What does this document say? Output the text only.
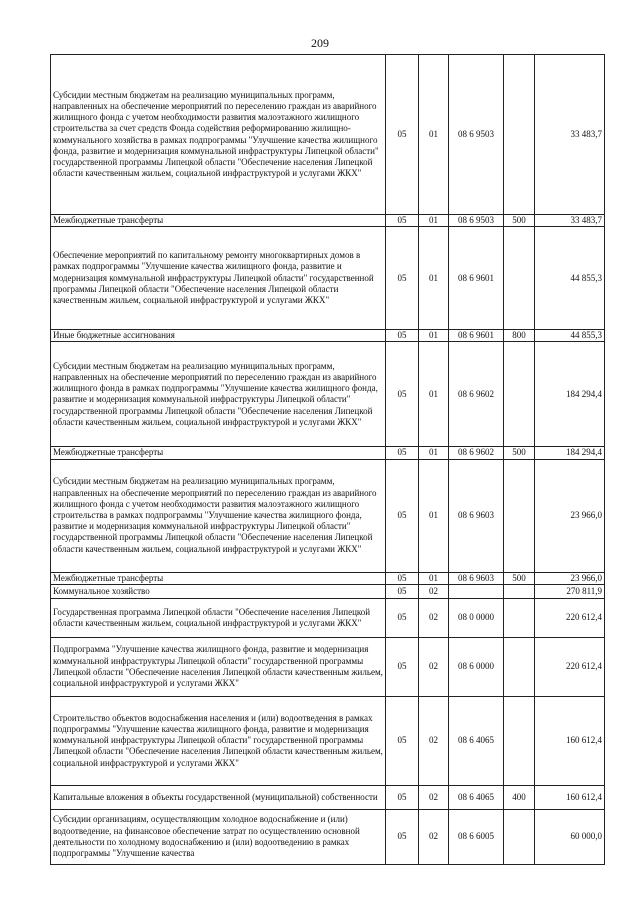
209
Субсидии местным бюджетам на реализацию муниципальных программ, направленных на обеспечение мероприятий по переселению граждан из аварийного жилищного фонда с учетом необходимости развития малоэтажного жилищного строительства за счет средств Фонда содействия реформированию жилищно-коммунального хозяйства в рамках подпрограммы "Улучшение качества жилищного фонда, развитие и модернизация коммунальной инфраструктуры Липецкой области" государственной программы Липецкой области "Обеспечение населения Липецкой области качественным жильем, социальной инфраструктурой и услугами ЖКХ"	05	01	08 6 9503		33 483,7
Межбюджетные трансферты	05	01	08 6 9503	500	33 483,7
Обеспечение мероприятий по капитальному ремонту многоквартирных домов в рамках подпрограммы "Улучшение качества жилищного фонда, развитие и модернизация коммунальной инфраструктуры Липецкой области" государственной программы Липецкой области "Обеспечение населения Липецкой области качественным жильем, социальной инфраструктурой и услугами ЖКХ"	05	01	08 6 9601		44 855,3
Иные бюджетные ассигнования	05	01	08 6 9601	800	44 855,3
Субсидии местным бюджетам на реализацию муниципальных программ, направленных на обеспечение мероприятий по переселению граждан из аварийного жилищного фонда в рамках подпрограммы "Улучшение качества жилищного фонда, развитие и модернизация коммунальной инфраструктуры Липецкой области" государственной программы Липецкой области "Обеспечение населения Липецкой области качественным жильем, социальной инфраструктурой и услугами ЖКХ"	05	01	08 6 9602		184 294,4
Межбюджетные трансферты	05	01	08 6 9602	500	184 294,4
Субсидии местным бюджетам на реализацию муниципальных программ, направленных на обеспечение мероприятий по переселению граждан из аварийного жилищного фонда с учетом необходимости развития малоэтажного жилищного строительства в рамках подпрограммы "Улучшение качества жилищного фонда, развитие и модернизация коммунальной инфраструктуры Липецкой области" государственной программы Липецкой области "Обеспечение населения Липецкой области качественным жильем, социальной инфраструктурой и услугами ЖКХ"	05	01	08 6 9603		23 966,0
Межбюджетные трансферты	05	01	08 6 9603	500	23 966,0
Коммунальное хозяйство	05	02			270 811,9
Государственная программа Липецкой области "Обеспечение населения Липецкой области качественным жильем, социальной инфраструктурой и услугами ЖКХ"	05	02	08 0 0000		220 612,4
Подпрограмма "Улучшение качества жилищного фонда, развитие и модернизация коммунальной инфраструктуры Липецкой области" государственной программы Липецкой области "Обеспечение населения Липецкой области качественным жильем, социальной инфраструктурой и услугами ЖКХ"	05	02	08 6 0000		220 612,4
Строительство объектов водоснабжения населения и (или) водоотведения в рамках подпрограммы "Улучшение качества жилищного фонда, развитие и модернизация коммунальной инфраструктуры Липецкой области" государственной программы Липецкой области "Обеспечение населения Липецкой области качественным жильем, социальной инфраструктурой и услугами ЖКХ"	05	02	08 6 4065		160 612,4
Капитальные вложения в объекты государственной (муниципальной) собственности	05	02	08 6 4065	400	160 612,4
Субсидии организациям, осуществляющим холодное водоснабжение и (или) водоотведение, на финансовое обеспечение затрат по осуществлению основной деятельности по холодному водоснабжению и (или) водоотведению в рамках подпрограммы "Улучшение качества	05	02	08 6 6005		60 000,0
